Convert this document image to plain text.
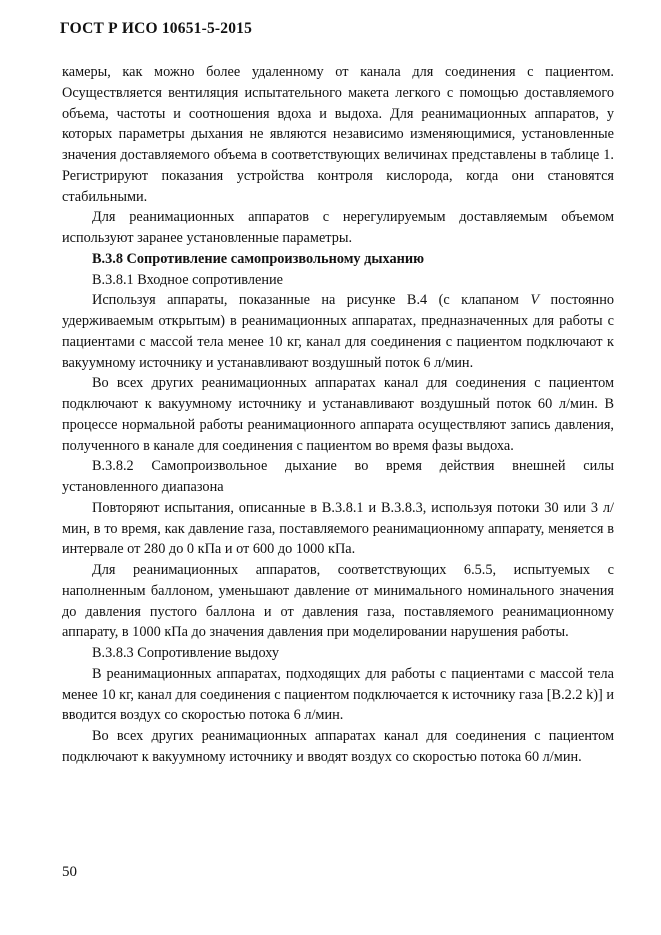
ГОСТ Р ИСО 10651-5-2015

камеры, как можно более удаленному от канала для соединения с пациентом. Осуществляется вентиляция испытательного макета легкого с помощью доставляемого объема, частоты и соотношения вдоха и выдоха. Для реанимационных аппаратов, у которых параметры дыхания не являются независимо изменяющимися, установленные значения доставляемого объема в соответствующих величинах представлены в таблице 1. Регистрируют показания устройства контроля кислорода, когда они становятся стабильными.

Для реанимационных аппаратов с нерегулируемым доставляемым объемом используют заранее установленные параметры.

B.3.8 Сопротивление самопроизвольному дыханию

B.3.8.1 Входное сопротивление

Используя аппараты, показанные на рисунке В.4 (с клапаном V постоянно удерживаемым открытым) в реанимационных аппаратах, предназначенных для работы с пациентами с массой тела менее 10 кг, канал для соединения с пациентом подключают к вакуумному источнику и устанавливают воздушный поток 6 л/мин.

Во всех других реанимационных аппаратах канал для соединения с пациентом подключают к вакуумному источнику и устанавливают воздушный поток 60 л/мин. В процессе нормальной работы реанимационного аппарата осуществляют запись давления, полученного в канале для соединения с пациентом во время фазы выдоха.

B.3.8.2 Самопроизвольное дыхание во время действия внешней силы установленного диапазона

Повторяют испытания, описанные в В.3.8.1 и В.3.8.3, используя потоки 30 или 3 л/мин, в то время, как давление газа, поставляемого реанимационному аппарату, меняется в интервале от 280 до 0 кПа и от 600 до 1000 кПа.

Для реанимационных аппаратов, соответствующих 6.5.5, испытуемых с наполненным баллоном, уменьшают давление от минимального номинального значения до давления пустого баллона и от давления газа, поставляемого реанимационному аппарату, в 1000 кПа до значения давления при моделировании нарушения работы.

B.3.8.3 Сопротивление выдоху

В реанимационных аппаратах, подходящих для работы с пациентами с массой тела менее 10 кг, канал для соединения с пациентом подключается к источнику газа [В.2.2 k)] и вводится воздух со скоростью потока 6 л/мин.

Во всех других реанимационных аппаратах канал для соединения с пациентом подключают к вакуумному источнику и вводят воздух со скоростью потока 60 л/мин.

50
